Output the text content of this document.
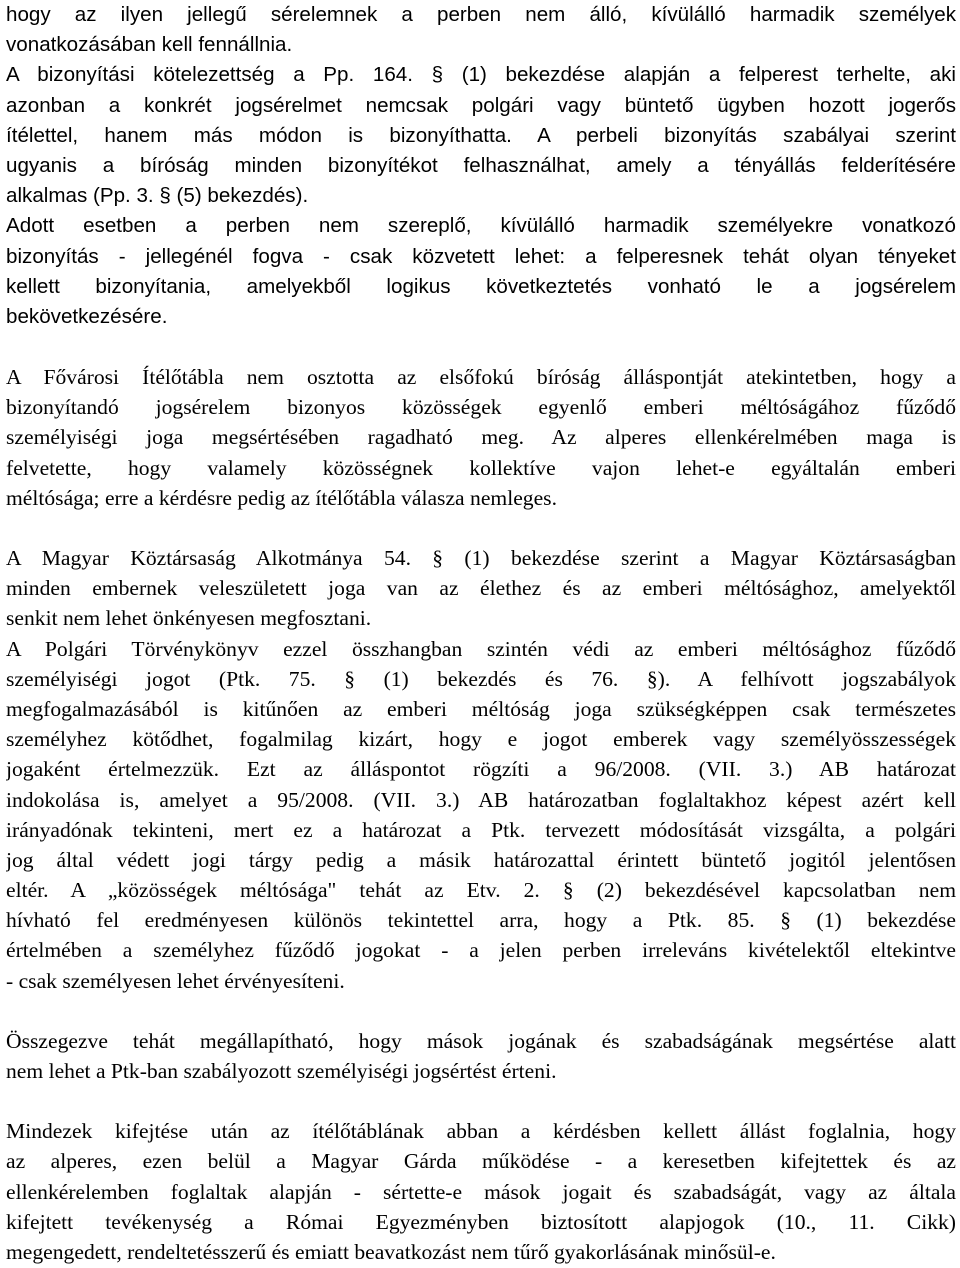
hogy az ilyen jellegű sérelemnek a perben nem álló, kívülálló harmadik személyek
vonatkozásában kell fennállnia.
A bizonyítási kötelezettség a Pp. 164. § (1) bekezdése alapján a felperest terhelte, aki
azonban a konkrét jogsérelmet nemcsak polgári vagy büntető ügyben hozott jogerős
ítélettel, hanem más módon is bizonyíthatta. A perbeli bizonyítás szabályai szerint
ugyanis a bíróság minden bizonyítékot felhasználhat, amely a tényállás felderítésére
alkalmas (Pp. 3. § (5) bekezdés).
Adott esetben a perben nem szereplő, kívülálló harmadik személyekre vonatkozó
bizonyítás - jellegénél fogva - csak közvetett lehet: a felperesnek tehát olyan tényeket
kellett bizonyítania, amelyekből logikus következtetés vonható le a jogsérelem
bekövetkezésére.
A Fővárosi Ítélőtábla nem osztotta az elsőfokú bíróság álláspontját atekintetben, hogy a
bizonyítandó jogsérelem bizonyos közösségek egyenlő emberi méltóságához fűződő
személyiségi joga megsértésében ragadható meg. Az alperes ellenkérelmében maga is
felvetette, hogy valamely közösségnek kollektíve vajon lehet-e egyáltalán emberi
méltósága; erre a kérdésre pedig az ítélőtábla válasza nemleges.
A Magyar Köztársaság Alkotmánya 54. § (1) bekezdése szerint a Magyar Köztársaságban
minden embernek veleszületett joga van az élethez és az emberi méltósághoz, amelyektől
senkit nem lehet önkényesen megfosztani.
A Polgári Törvénykönyv ezzel összhangban szintén védi az emberi méltósághoz fűződő
személyiségi jogot (Ptk. 75. § (1) bekezdés és 76. §). A felhívott jogszabályok
megfogalmazásából is kitűnően az emberi méltóság joga szükségképpen csak természetes
személyhez kötődhet, fogalmilag kizárt, hogy e jogot emberek vagy személyösszességek
jogaként értelmezzük. Ezt az álláspontot rögzíti a 96/2008. (VII. 3.) AB határozat
indokolása is, amelyet a 95/2008. (VII. 3.) AB határozatban foglaltakhoz képest azért kell
irányadónak tekinteni, mert ez a határozat a Ptk. tervezett módosítását vizsgálta, a polgári
jog által védett jogi tárgy pedig a másik határozattal érintett büntető jogitól jelentősen
eltér. A „közösségek méltósága" tehát az Etv. 2. § (2) bekezdésével kapcsolatban nem
hívható fel eredményesen különös tekintettel arra, hogy a Ptk. 85. § (1) bekezdése
értelmében a személyhez fűződő jogokat - a jelen perben irreleváns kivételektől eltekintve
- csak személyesen lehet érvényesíteni.
Összegezve tehát megállapítható, hogy mások jogának és szabadságának megsértése alatt
nem lehet a Ptk-ban szabályozott személyiségi jogsértést érteni.
Mindezek kifejtése után az ítélőtáblának abban a kérdésben kellett állást foglalnia, hogy
az alperes, ezen belül a Magyar Gárda működése - a keresetben kifejtettek és az
ellenkérelemben foglaltak alapján - sértette-e mások jogait és szabadságát, vagy az általa
kifejtett tevékenység a Római Egyezményben biztosított alapjogok (10., 11. Cikk)
megengedett, rendeltetésszerű és emiatt beavatkozást nem tűrő gyakorlásának minősül-e.
